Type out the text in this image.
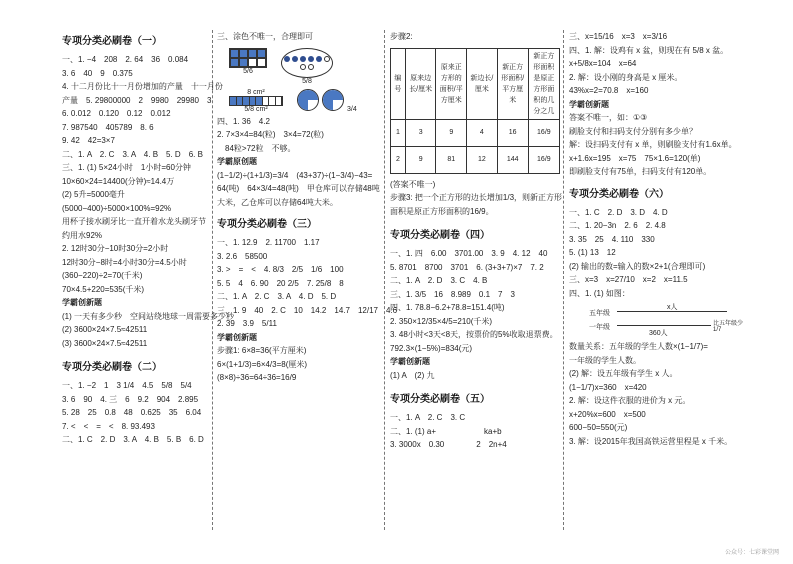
专项分类必刷卷（一）
一、1. −4　208　2. 64　36　0.084
3. 6　40　9　0.375
4. 十二月份比十一月份增加的产量　十一月份
产量　5. 29800000　2　9980　29980　3
6. 0.012　0.120　0.12　0.012
7. 987540　405789　8. 6
9. 42　42=3×7
二、1. A　2. C　3. A　4. B　5. D　6. B
三、1. (1) 5×24小时　1小时=60分钟
10×60×24=14400(分钟)≈14.4万
(2) 5升=5000毫升
(5000−400)÷5000×100%=92%
用杯子接水刷牙比一直开着水龙头刷牙节
约用水92%
2. 12时30分−10时30分=2小时
12时30分−8时=4小时30分=4.5小时
(360−220)÷2=70(千米)
70×4.5+220=535(千米)
学霸创新题
(1) 一天有多少秒　空间站绕地球一周需要多少秒
(2) 3600×24×7.5≈42511
(3) 3600×24×7.5≈42511
专项分类必刷卷（二）
一、1. −2　1　3 1/4　4.5　5/8　5/4
3. 6　90　4. 三　6　9.2　904　2.895
5. 28　25　0.8　48　0.625　35　6.04
7. <　<　=　<　8. 93.493
二、1. C　2. D　3. A　4. B　5. B　6. D
三、涂色不唯一，合理即可
5/6
5/8
8 cm²
5/8 cm²	3/4
四、1. 36　4.2
2. 7×3×4=84(粒)　3×4=72(粒)
　84粒>72粒　不够。
学霸原创题
(1−1/2)÷(1+1/3)=3/4　(43+37)÷(1−3/4)−43=
64(吨)　64×3/4=48(吨)　甲仓库可以存储48吨
大米，乙仓库可以存储64吨大米。
专项分类必刷卷（三）
一、1. 12.9　2. 11700　1.17
3. 2.6　58500
3. >　=　<　4. 8/3　2/5　1/6　100
5. 5　4　6. 90　20 2/5　7. 25/8　8
二、1. A　2. C　3. A　4. D　5. D
三、1. 9　40　2. C　10　14.2　14.7　12/17　4.6
2. 39　3.9　5/11
学霸创新题
步骤1: 6×8=36(平方厘米)
6×(1+1/3)=6×4/3=8(厘米)
(8×8)÷36=64÷36=16/9
步骤2:
编号	原来边长/厘米	原来正方形的面积/平方厘米	新边长/厘米	新正方形面积/平方厘米	新正方形面积是原正方形面积的几分之几
1	3	9	4	16	16/9
2	9	81	12	144	16/9
(答案不唯一)
步骤3: 把一个正方形的边长增加1/3，则新正方形
面积是原正方形面积的16/9。
专项分类必刷卷（四）
一、1. 四　6.00　3701.00　3. 9　4. 12　40
5. 8701　8700　3701　6. (3+3+7)×7　7. 2
二、1. A　2. D　3. C　4. B
三、1. 3/5　16　8.989　0.1　7　3
四、1. 78.8−6.2+78.8=151.4(吨)
2. 350×12/35×4/5=210(千米)
3. 48小时<3天<8天，按票价的5%收取退票费。
792.3×(1−5%)=834(元)
学霸创新题
(1) A　(2) 九
专项分类必刷卷（五）
一、1. A　2. C　3. C
二、1. (1) a+　　　　　　ka+b
3. 3000x　0.30　　　　2　2n+4
三、x=15/16　x=3　x=3/16
四、1. 解：设鸡有 x 盆，则现在有 5/8 x 盆。
x+5/8x=104　x=64
2. 解：设小刚的身高是 x 厘米。
43%x=2=70.8　x=160
学霸创新题
答案不唯一，如：①③
刷脸支付和扫码支付分别有多少单？
解：设扫码支付有 x 单，则刷脸支付有1.6x单。
x+1.6x=195　x=75　75×1.6=120(单)
即刷脸支付有75单，扫码支付有120单。
专项分类必刷卷（六）
一、1. C　2. D　3. D　4. D
二、1. 20−3n　2. 6　2. 4.8
3. 35　25　4. 110　330
5. (1) 13　12
(2) 输出的数=输入的数×2+1(合理即可)
三、x=3　x=27/10　x=2　x=11.5
四、1. (1) 如图：
五年级
x人
一年级
360人
比五年级少1/7
数量关系：五年级的学生人数×(1−1/7)=
一年级的学生人数。
(2) 解：设五年级有学生 x 人。
(1−1/7)x=360　x=420
2. 解：设这件衣服的进价为 x 元。
x+20%x=600　x=500
600−50=550(元)
3. 解：设2015年我国高铁运营里程是 x 千米。
公众号：七彩课堂网
